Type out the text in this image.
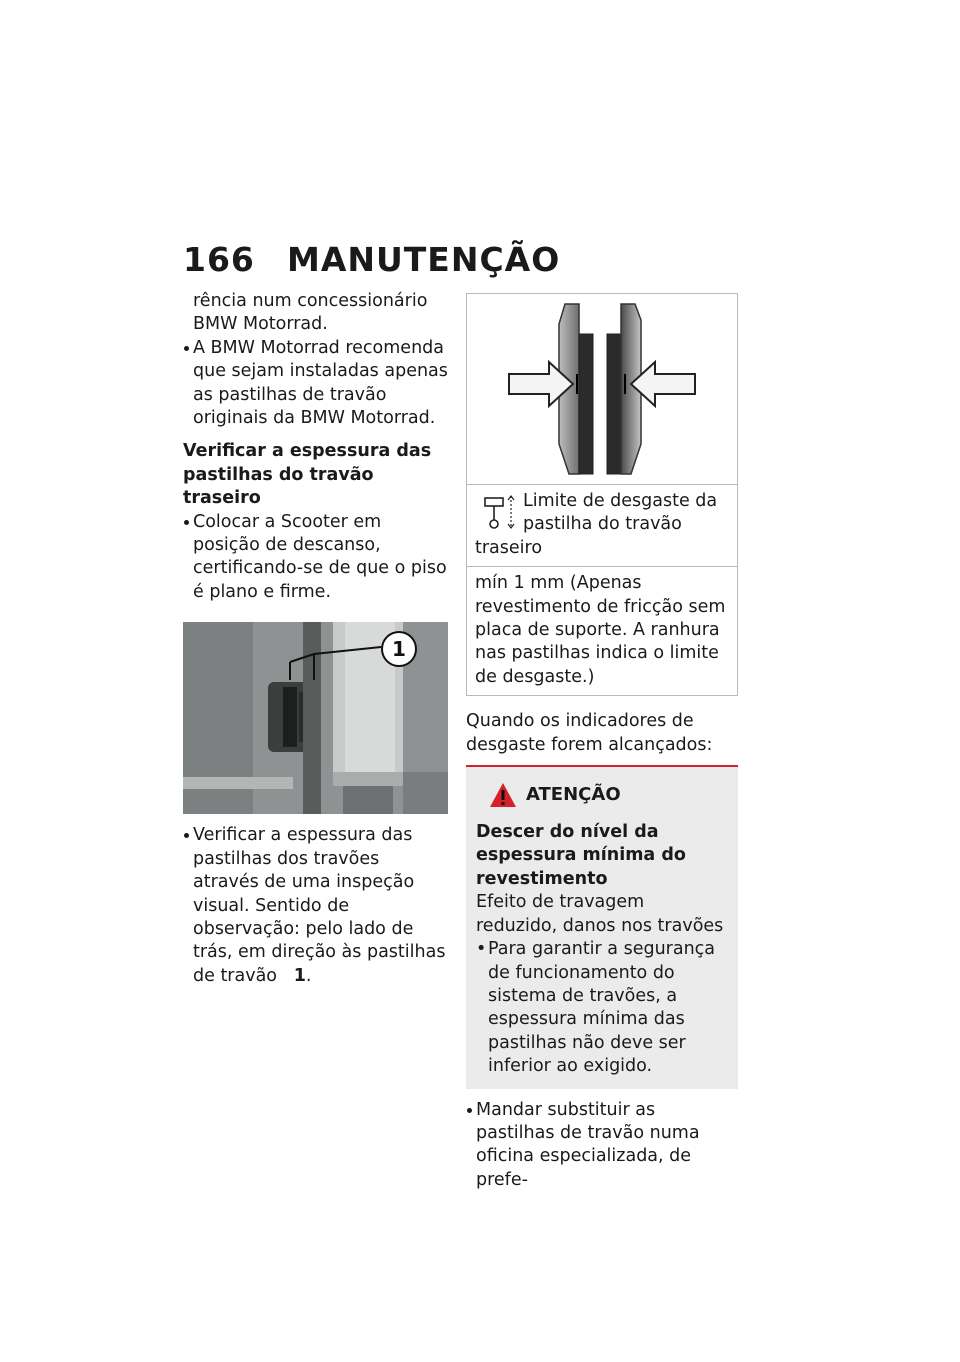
166 MANUTENÇÃO

rência num concessionário BMW Motorrad.

A BMW Motorrad recomenda que sejam instaladas apenas as pastilhas de travão originais da BMW Motorrad.

Verificar a espessura das pastilhas do travão traseiro

Colocar a Scooter em posição de descanso, certificando-se de que o piso é plano e firme.

1

Verificar a espessura das pastilhas dos travões através de uma inspeção visual. Sentido de observação: pelo lado de trás, em direção às pastilhas de travão 1.

Limite de desgaste da pastilha do travão traseiro
mín 1 mm (Apenas revestimento de fricção sem placa de suporte. A ranhura nas pastilhas indica o limite de desgaste.)

Quando os indicadores de desgaste forem alcançados:

ATENÇÃO

Descer do nível da espessura mínima do revestimento

Efeito de travagem reduzido, danos nos travões

• Para garantir a segurança de funcionamento do sistema de travões, a espessura mínima das pastilhas não deve ser inferior ao exigido.

Mandar substituir as pastilhas de travão numa oficina especializada, de prefe-
